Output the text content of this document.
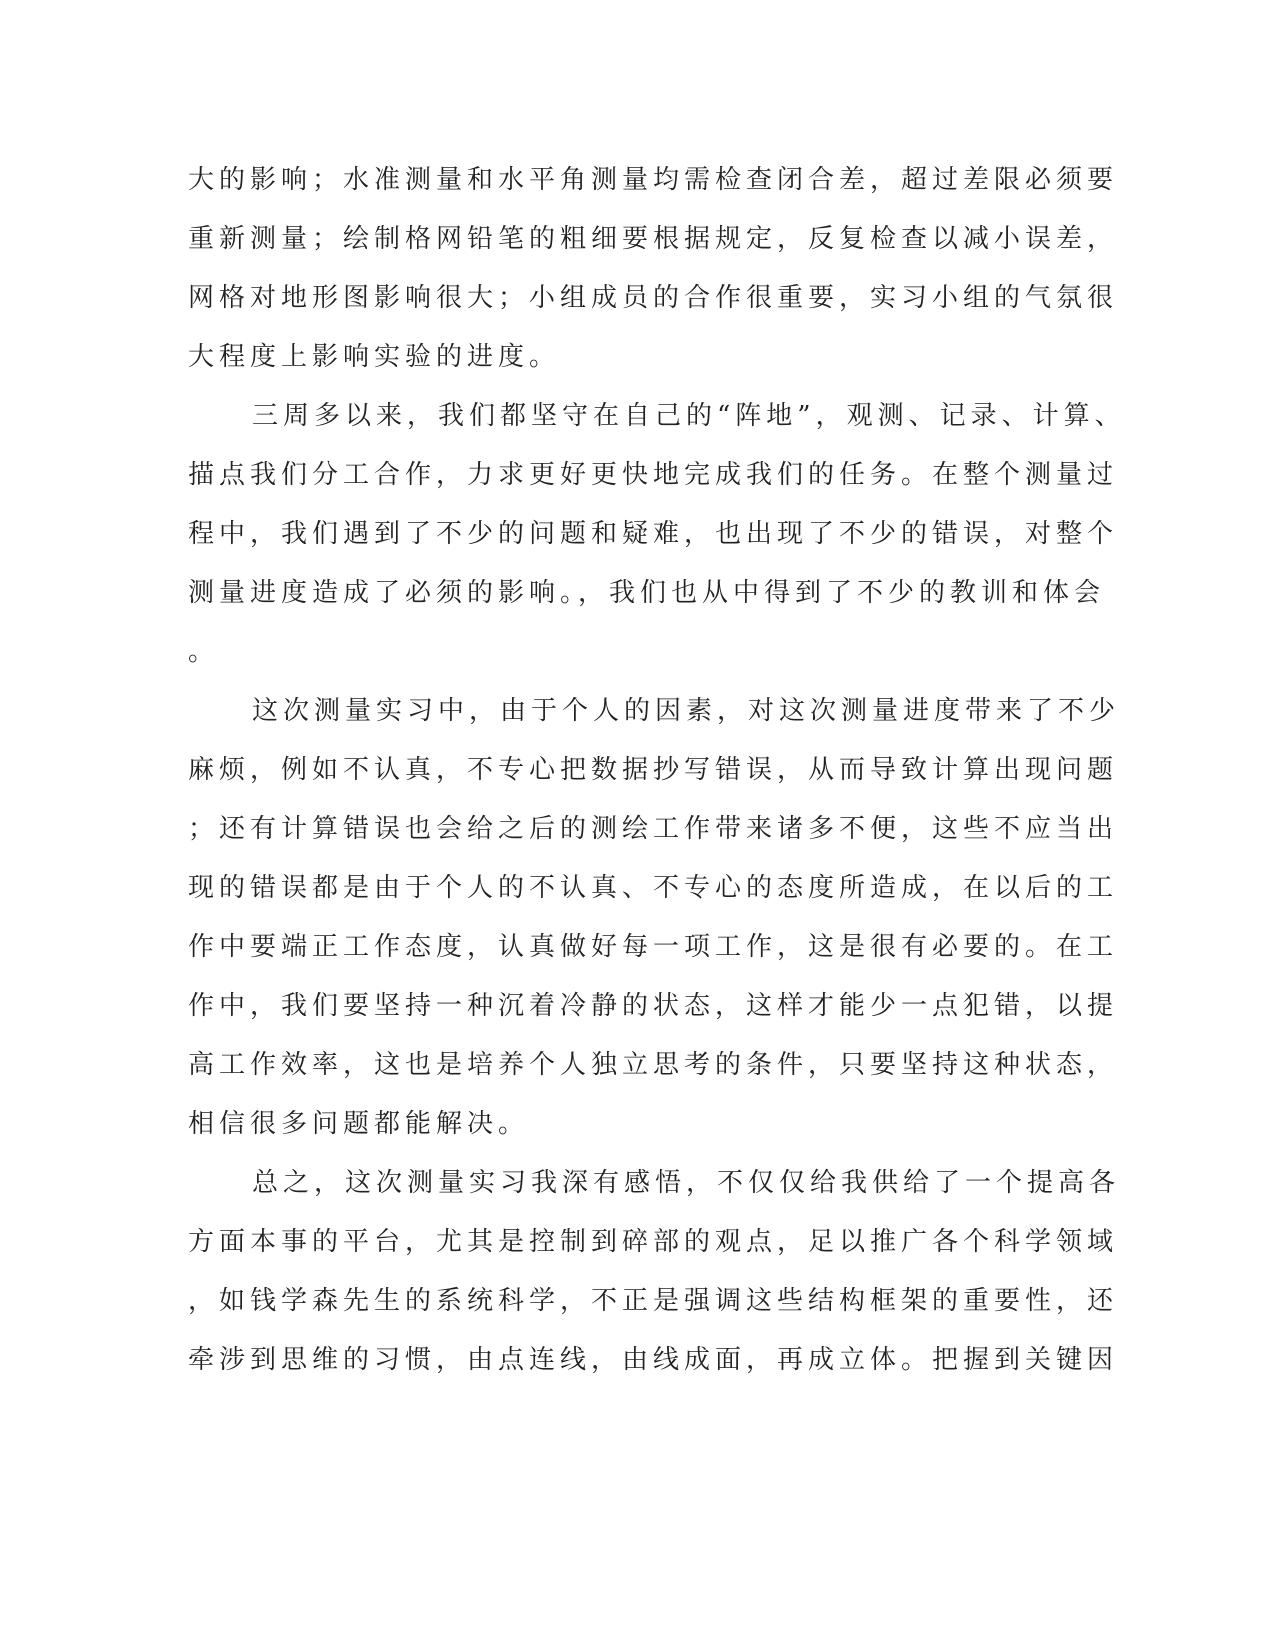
大的影响；水准测量和水平角测量均需检查闭合差，超过差限必须要
重新测量；绘制格网铅笔的粗细要根据规定，反复检查以减小误差，
网格对地形图影响很大；小组成员的合作很重要，实习小组的气氛很
大程度上影响实验的进度。
三周多以来，我们都坚守在自己的“阵地”，观测、记录、计算、
描点我们分工合作，力求更好更快地完成我们的任务。在整个测量过
程中，我们遇到了不少的问题和疑难，也出现了不少的错误，对整个
测量进度造成了必须的影响。，我们也从中得到了不少的教训和体会
。
这次测量实习中，由于个人的因素，对这次测量进度带来了不少
麻烦，例如不认真，不专心把数据抄写错误，从而导致计算出现问题
；还有计算错误也会给之后的测绘工作带来诸多不便，这些不应当出
现的错误都是由于个人的不认真、不专心的态度所造成，在以后的工
作中要端正工作态度，认真做好每一项工作，这是很有必要的。在工
作中，我们要坚持一种沉着冷静的状态，这样才能少一点犯错，以提
高工作效率，这也是培养个人独立思考的条件，只要坚持这种状态，
相信很多问题都能解决。
总之，这次测量实习我深有感悟，不仅仅给我供给了一个提高各
方面本事的平台，尤其是控制到碎部的观点，足以推广各个科学领域
，如钱学森先生的系统科学，不正是强调这些结构框架的重要性，还
牵涉到思维的习惯，由点连线，由线成面，再成立体。把握到关键因
